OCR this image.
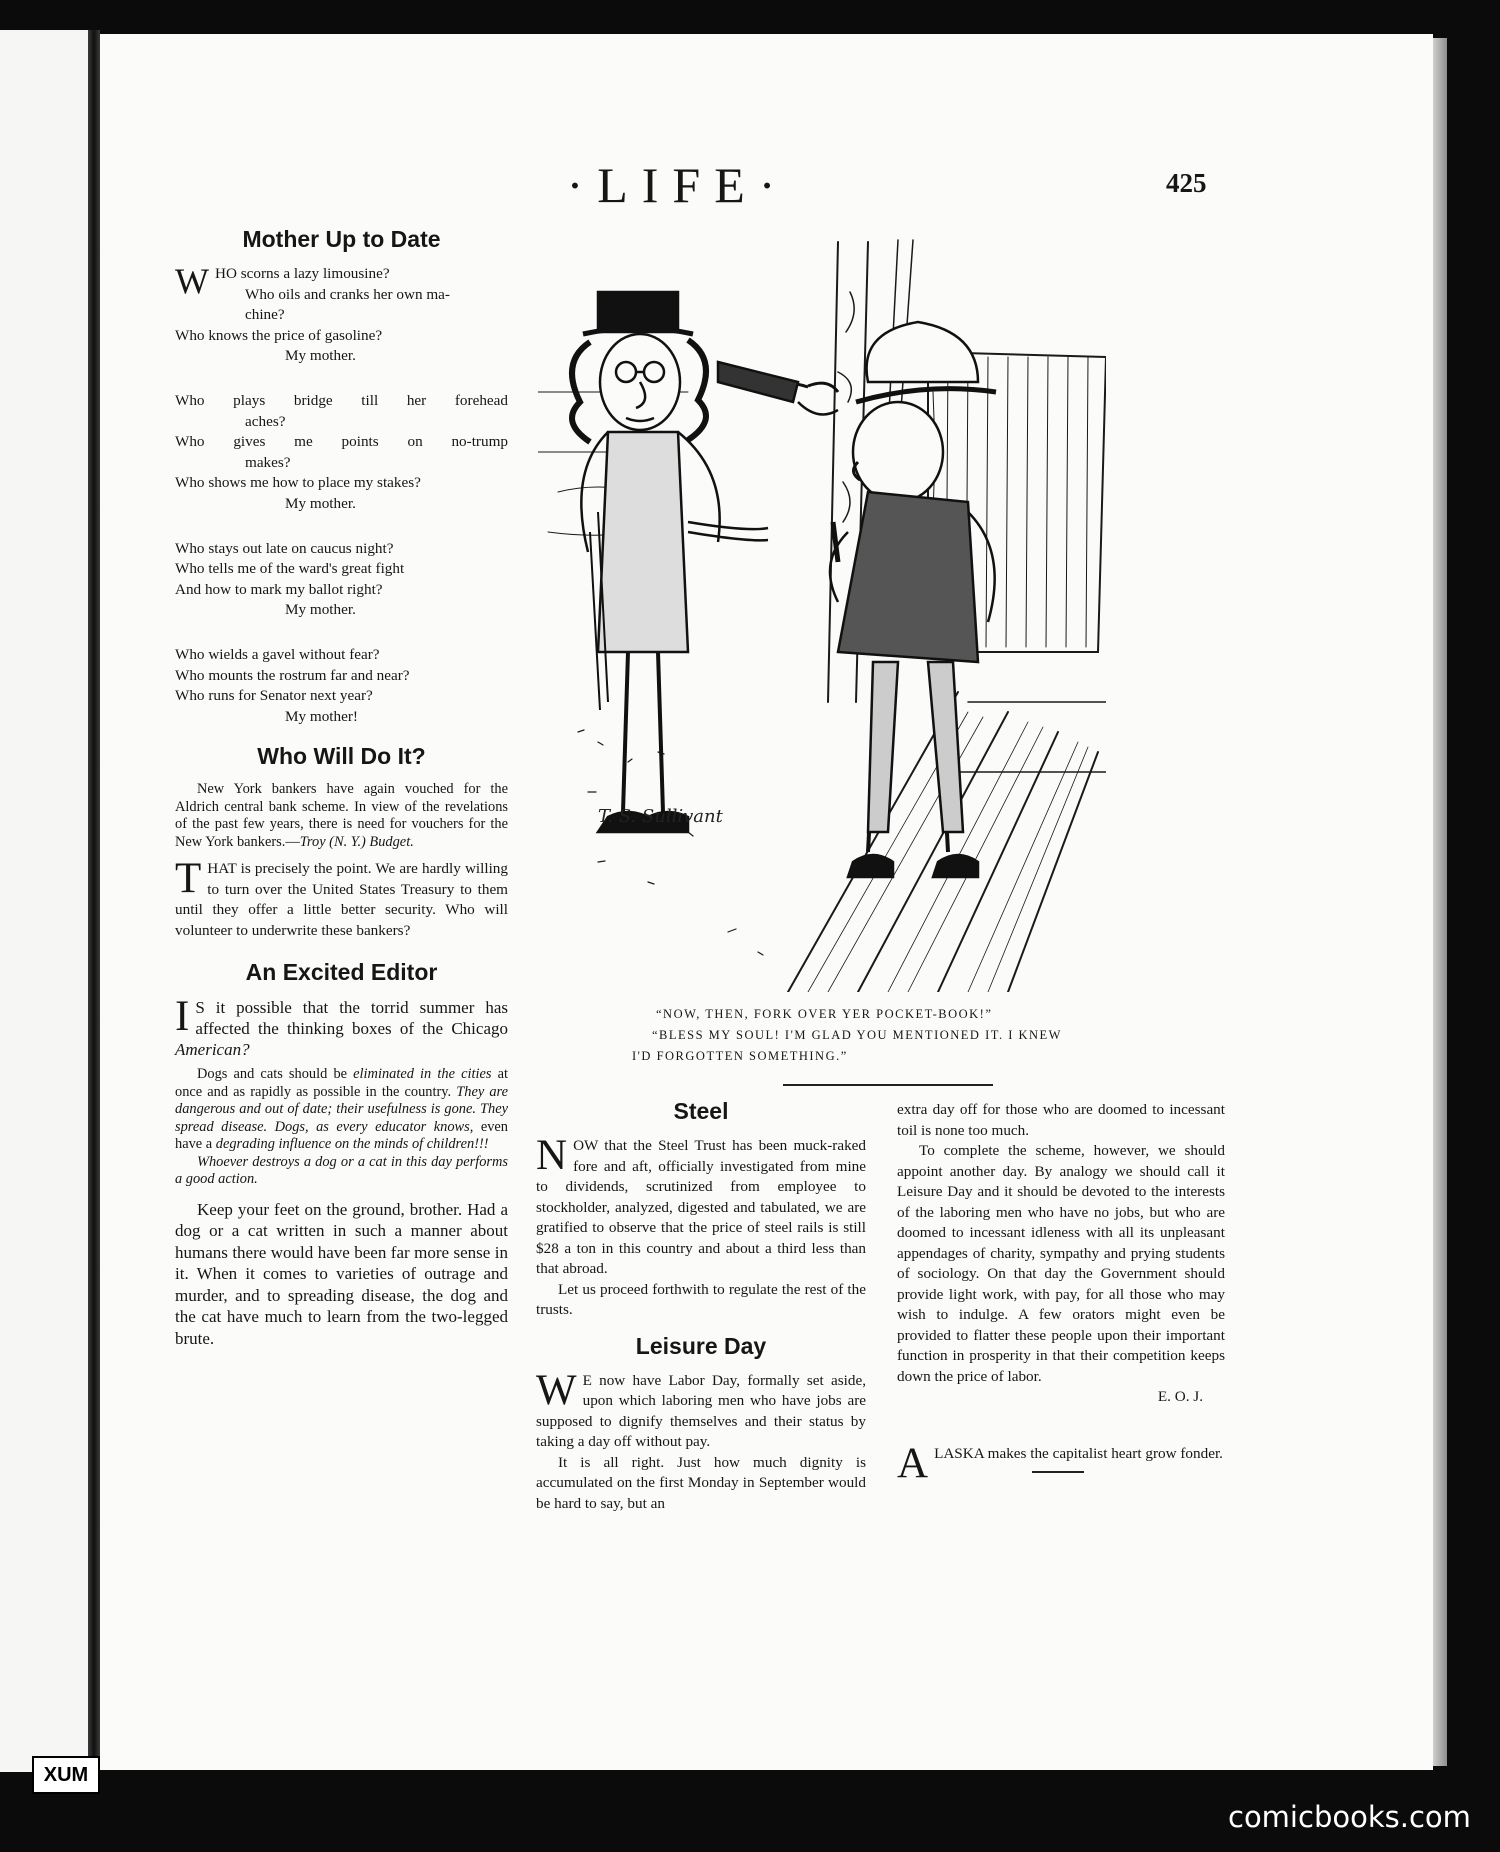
·LIFE·	425
Mother Up to Date
WHO scorns a lazy limousine?
Who oils and cranks her own ma-
chine?
Who knows the price of gasoline?
My mother.
Who plays bridge till her forehead
aches?
Who gives me points on no-trump
makes?
Who shows me how to place my stakes?
My mother.
Who stays out late on caucus night?
Who tells me of the ward's great fight
And how to mark my ballot right?
My mother.
Who wields a gavel without fear?
Who mounts the rostrum far and near?
Who runs for Senator next year?
My mother!
Who Will Do It?

New York bankers have again vouched for the Aldrich central bank scheme. In view of the revelations of the past few years, there is need for vouchers for the New York bankers.—Troy (N. Y.) Budget.

THAT is precisely the point. We are hardly willing to turn over the United States Treasury to them until they offer a little better security. Who will volunteer to underwrite these bankers?

An Excited Editor

I S it possible that the torrid summer has affected the thinking boxes of the Chicago American?

Dogs and cats should be eliminated in the cities at once and as rapidly as possible in the country. They are dangerous and out of date; their usefulness is gone. They spread disease. Dogs, as every educator knows, even have a degrading influence on the minds of children!!!

Whoever destroys a dog or a cat in this day performs a good action.

Keep your feet on the ground, brother. Had a dog or a cat written in such a manner about humans there would have been far more sense in it. When it comes to varieties of outrage and murder, and to spreading disease, the dog and the cat have much to learn from the two-legged brute.

T. S. Sullivant

“NOW, THEN, FORK OVER YER POCKET-BOOK!”

“BLESS MY SOUL! I'M GLAD YOU MENTIONED IT. I KNEW

I'D FORGOTTEN SOMETHING.”

Steel

NOW that the Steel Trust has been muck-raked fore and aft, officially investigated from mine to dividends, scrutinized from employee to stockholder, analyzed, digested and tabulated, we are gratified to observe that the price of steel rails is still $28 a ton in this country and about a third less than that abroad.

Let us proceed forthwith to regulate the rest of the trusts.

Leisure Day

W E now have Labor Day, formally set aside, upon which laboring men who have jobs are supposed to dignify themselves and their status by taking a day off without pay.

It is all right. Just how much dignity is accumulated on the first Monday in September would be hard to say, but an

extra day off for those who are doomed to incessant toil is none too much.

To complete the scheme, however, we should appoint another day. By analogy we should call it Leisure Day and it should be devoted to the interests of the laboring men who have no jobs, but who are doomed to incessant idleness with all its unpleasant appendages of charity, sympathy and prying students of sociology. On that day the Government should provide light work, with pay, for all those who may wish to indulge. A few orators might even be provided to flatter these people upon their important function in prosperity in that their competition keeps down the price of labor.

E. O. J.

ALASKA makes the capitalist heart grow fonder.

XUM
comicbooks.com
